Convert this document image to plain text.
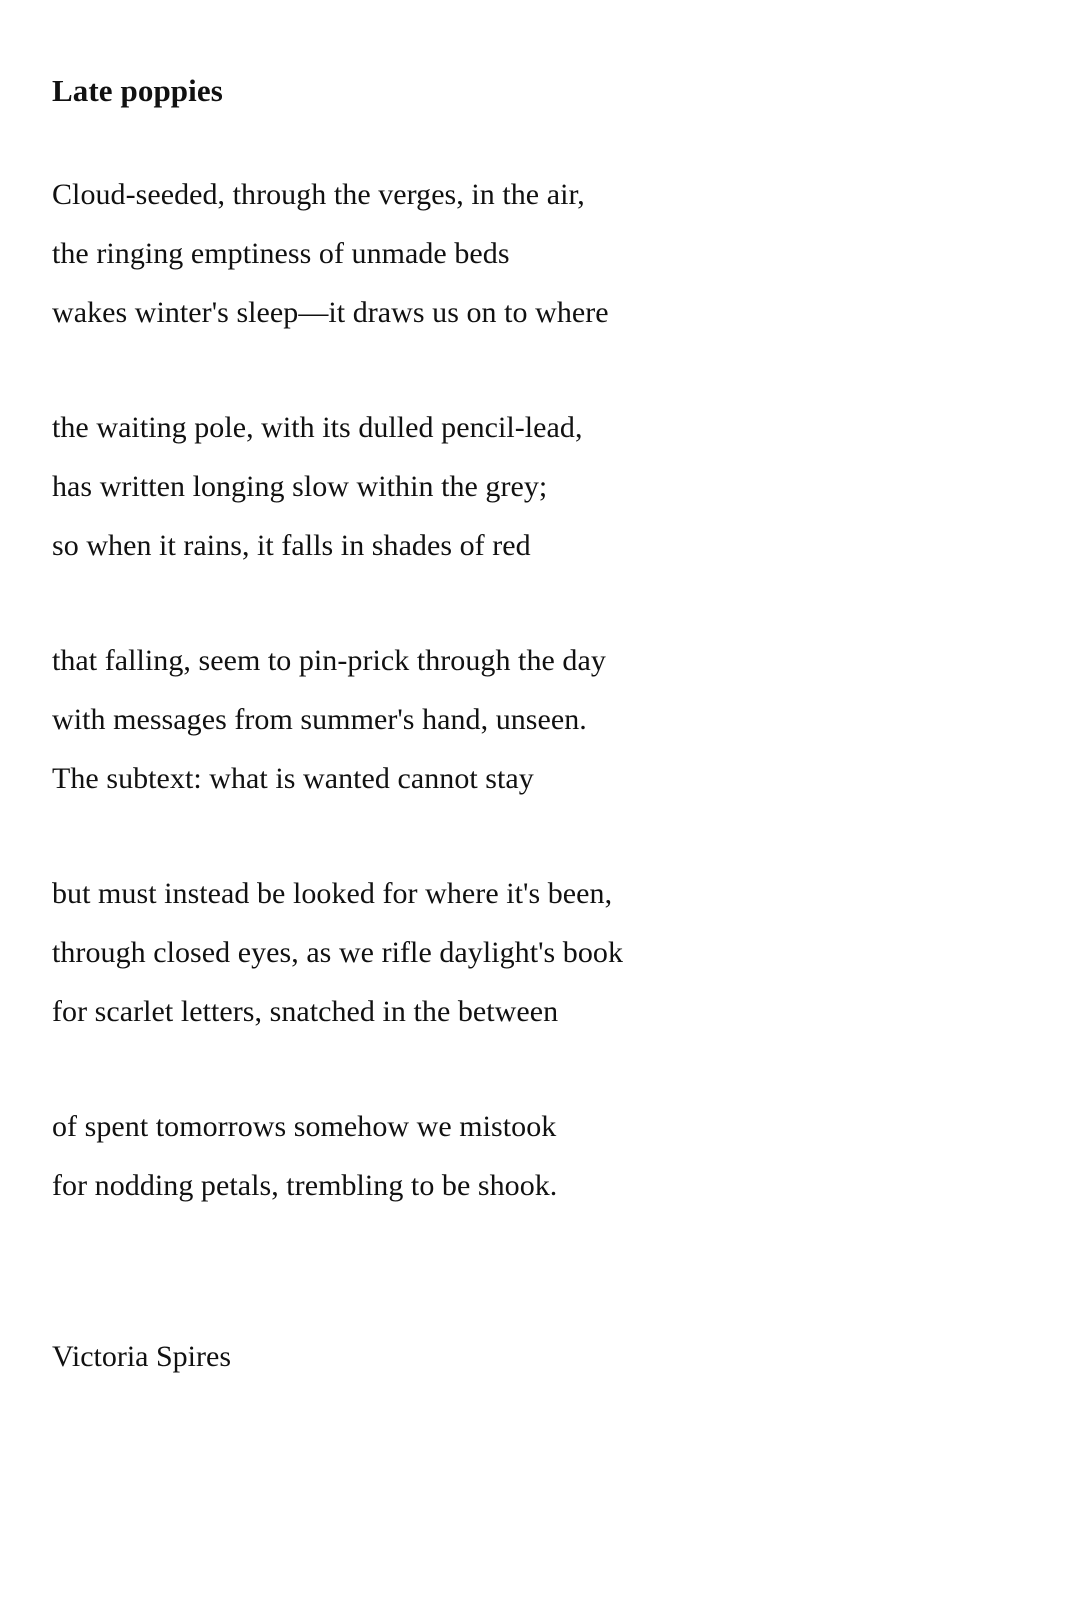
Late poppies
Cloud-seeded, through the verges, in the air,
the ringing emptiness of unmade beds
wakes winter's sleep—it draws us on to where
the waiting pole, with its dulled pencil-lead,
has written longing slow within the grey;
so when it rains, it falls in shades of red
that falling, seem to pin-prick through the day
with messages from summer's hand, unseen.
The subtext: what is wanted cannot stay
but must instead be looked for where it's been,
through closed eyes, as we rifle daylight's book
for scarlet letters, snatched in the between
of spent tomorrows somehow we mistook
for nodding petals, trembling to be shook.
Victoria Spires
